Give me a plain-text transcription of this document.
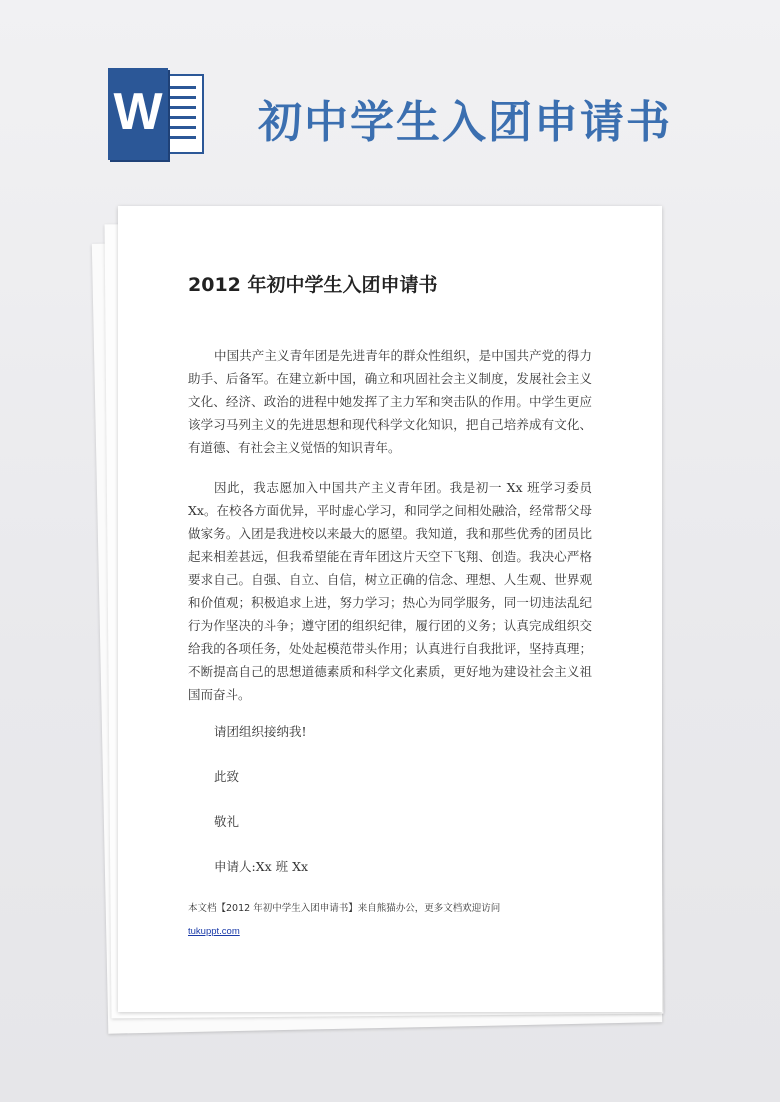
W 初中学生入团申请书
2012 年初中学生入团申请书

中国共产主义青年团是先进青年的群众性组织，是中国共产党的得力助手、后备军。在建立新中国，确立和巩固社会主义制度，发展社会主义文化、经济、政治的进程中她发挥了主力军和突击队的作用。中学生更应该学习马列主义的先进思想和现代科学文化知识，把自己培养成有文化、有道德、有社会主义觉悟的知识青年。

因此，我志愿加入中国共产主义青年团。我是初一 Xx 班学习委员 Xx。在校各方面优异，平时虚心学习，和同学之间相处融洽，经常帮父母做家务。入团是我进校以来最大的愿望。我知道，我和那些优秀的团员比起来相差甚远，但我希望能在青年团这片天空下飞翔、创造。我决心严格要求自己。自强、自立、自信，树立正确的信念、理想、人生观、世界观和价值观；积极追求上进，努力学习；热心为同学服务，同一切违法乱纪行为作坚决的斗争；遵守团的组织纪律，履行团的义务；认真完成组织交给我的各项任务，处处起模范带头作用；认真进行自我批评，坚持真理；不断提高自己的思想道德素质和科学文化素质，更好地为建设社会主义祖国而奋斗。

请团组织接纳我!

此致

敬礼

申请人:Xx 班 Xx

本文档【2012 年初中学生入团申请书】来自熊猫办公，更多文档欢迎访问

tukuppt.com
